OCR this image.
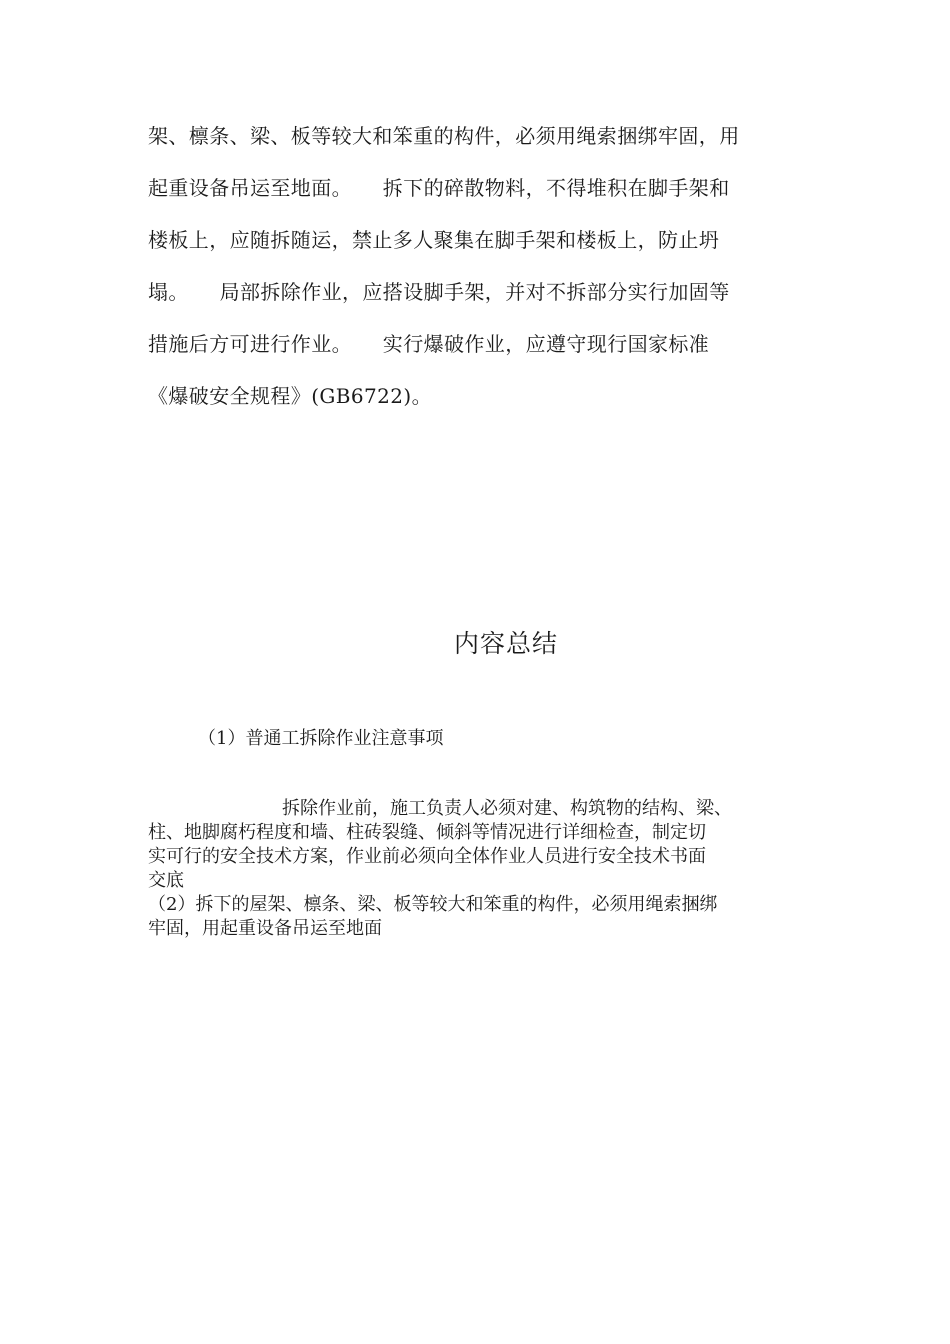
架、檩条、梁、板等较大和笨重的构件，必须用绳索捆绑牢固，用
起重设备吊运至地面。　　拆下的碎散物料，不得堆积在脚手架和
楼板上，应随拆随运，禁止多人聚集在脚手架和楼板上，防止坍
塌。　　局部拆除作业，应搭设脚手架，并对不拆部分实行加固等
措施后方可进行作业。　　实行爆破作业，应遵守现行国家标准
《爆破安全规程》(GB6722)。
内容总结
（1）普通工拆除作业注意事项
拆除作业前，施工负责人必须对建、构筑物的结构、梁、
柱、地脚腐朽程度和墙、柱砖裂缝、倾斜等情况进行详细检查，制定切
实可行的安全技术方案，作业前必须向全体作业人员进行安全技术书面
交底
（2）拆下的屋架、檩条、梁、板等较大和笨重的构件，必须用绳索捆绑
牢固，用起重设备吊运至地面
